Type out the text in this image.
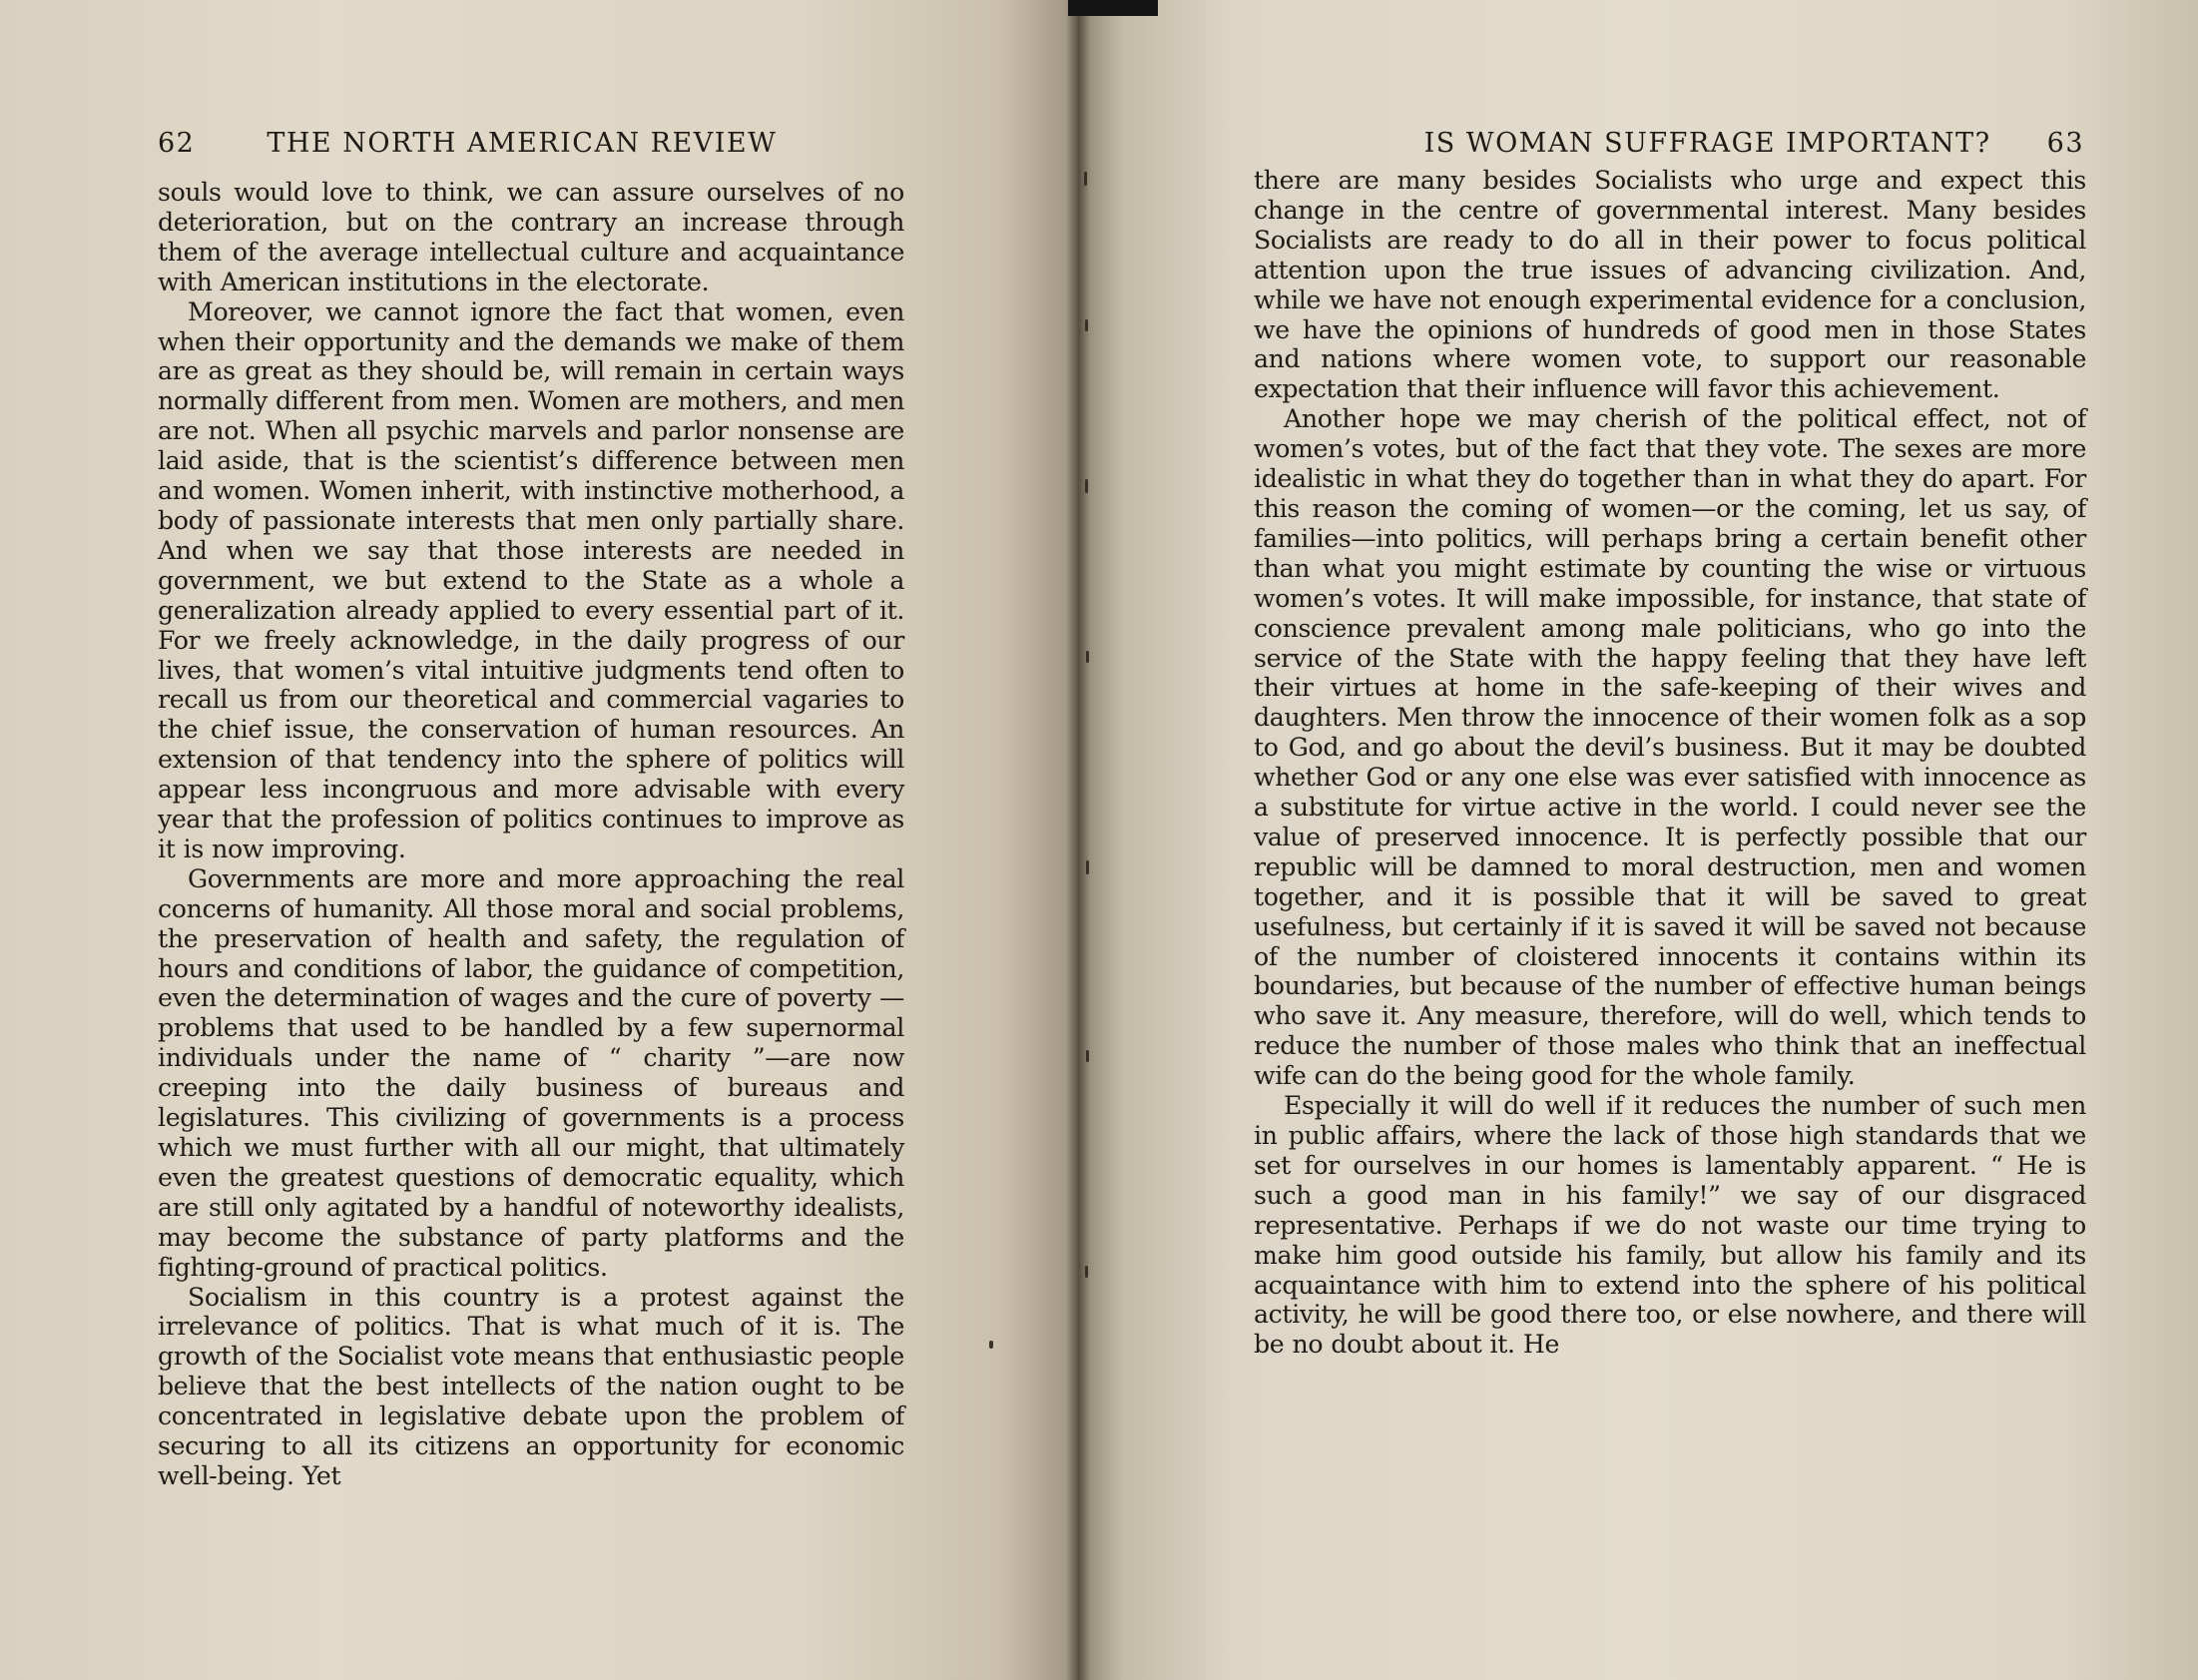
62	THE NORTH AMERICAN REVIEW

souls would love to think, we can assure ourselves of no deterioration, but on the contrary an increase through them of the average intellectual culture and acquaintance with American institutions in the electorate.

Moreover, we cannot ignore the fact that women, even when their opportunity and the demands we make of them are as great as they should be, will remain in certain ways normally different from men. Women are mothers, and men are not. When all psychic marvels and parlor nonsense are laid aside, that is the scientist’s difference between men and women. Women inherit, with instinctive motherhood, a body of passionate interests that men only partially share. And when we say that those interests are needed in government, we but extend to the State as a whole a generalization already applied to every essential part of it. For we freely acknowledge, in the daily progress of our lives, that women’s vital intuitive judgments tend often to recall us from our theoretical and commercial vagaries to the chief issue, the conservation of human resources. An extension of that tendency into the sphere of politics will appear less incongruous and more advisable with every year that the profession of politics continues to improve as it is now improving.

Governments are more and more approaching the real concerns of humanity. All those moral and social problems, the preservation of health and safety, the regulation of hours and conditions of labor, the guidance of competition, even the determination of wages and the cure of poverty —problems that used to be handled by a few supernormal individuals under the name of “ charity ”—are now creeping into the daily business of bureaus and legislatures. This civilizing of governments is a process which we must further with all our might, that ultimately even the greatest questions of democratic equality, which are still only agitated by a handful of noteworthy idealists, may become the substance of party platforms and the fighting-ground of practical politics.

Socialism in this country is a protest against the irrelevance of politics. That is what much of it is. The growth of the Socialist vote means that enthusiastic people believe that the best intellects of the nation ought to be concentrated in legislative debate upon the problem of securing to all its citizens an opportunity for economic well-being. Yet

IS WOMAN SUFFRAGE IMPORTANT? 63

there are many besides Socialists who urge and expect this change in the centre of governmental interest. Many besides Socialists are ready to do all in their power to focus political attention upon the true issues of advancing civilization. And, while we have not enough experimental evidence for a conclusion, we have the opinions of hundreds of good men in those States and nations where women vote, to support our reasonable expectation that their influence will favor this achievement.

Another hope we may cherish of the political effect, not of women’s votes, but of the fact that they vote. The sexes are more idealistic in what they do together than in what they do apart. For this reason the coming of women—or the coming, let us say, of families—into politics, will perhaps bring a certain benefit other than what you might estimate by counting the wise or virtuous women’s votes. It will make impossible, for instance, that state of conscience prevalent among male politicians, who go into the service of the State with the happy feeling that they have left their virtues at home in the safe-keeping of their wives and daughters. Men throw the innocence of their women folk as a sop to God, and go about the devil’s business. But it may be doubted whether God or any one else was ever satisfied with innocence as a substitute for virtue active in the world. I could never see the value of preserved innocence. It is perfectly possible that our republic will be damned to moral destruction, men and women together, and it is possible that it will be saved to great usefulness, but certainly if it is saved it will be saved not because of the number of cloistered innocents it contains within its boundaries, but because of the number of effective human beings who save it. Any measure, therefore, will do well, which tends to reduce the number of those males who think that an ineffectual wife can do the being good for the whole family.

Especially it will do well if it reduces the number of such men in public affairs, where the lack of those high standards that we set for ourselves in our homes is lamentably apparent. “ He is such a good man in his family!” we say of our disgraced representative. Perhaps if we do not waste our time trying to make him good outside his family, but allow his family and its acquaintance with him to extend into the sphere of his political activity, he will be good there too, or else nowhere, and there will be no doubt about it. He
